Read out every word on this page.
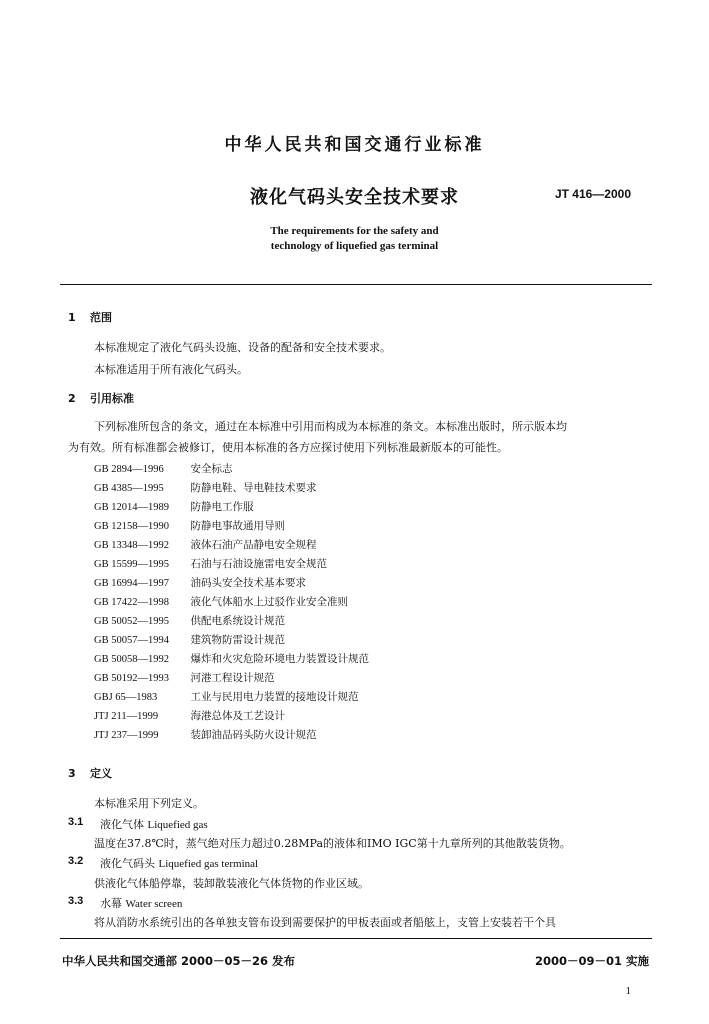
中华人民共和国交通行业标准
液化气码头安全技术要求	JT 416—2000
The requirements for the safety and
technology of liquefied gas terminal
1 范围
本标准规定了液化气码头设施、设备的配备和安全技术要求。
本标准适用于所有液化气码头。
2 引用标准
下列标准所包含的条文，通过在本标准中引用而构成为本标准的条文。本标准出版时，所示版本均
为有效。所有标准都会被修订，使用本标准的各方应探讨使用下列标准最新版本的可能性。
GB 2894—1996　	安全标志
GB 4385—1995　	防静电鞋、导电鞋技术要求
GB 12014—1989　 防静电工作服
GB 12158—1990　 防静电事故通用导则
GB 13348—1992　 液体石油产品静电安全规程
GB 15599—1995　 石油与石油设施雷电安全规范
GB 16994—1997　 油码头安全技术基本要求
GB 17422—1998　 液化气体船水上过驳作业安全准则
GB 50052—1995　 供配电系统设计规范
GB 50057—1994　 建筑物防雷设计规范
GB 50058—1992　 爆炸和火灾危险环境电力装置设计规范
GB 50192—1993　 河港工程设计规范
GBJ 65—1983　	工业与民用电力装置的接地设计规范
JTJ 211—1999　	海港总体及工艺设计
JTJ 237—1999　	装卸油品码头防火设计规范
3 定义
本标准采用下列定义。
3.1 液化气体 Liquefied gas
温度在37.8℃时，蒸气绝对压力超过0.28MPa的液体和IMO IGC第十九章所列的其他散装货物。
3.2 液化气码头 Liquefied gas terminal
供液化气体船停靠，装卸散装液化气体货物的作业区域。
3.3 水幕 Water screen
将从消防水系统引出的各单独支管布设到需要保护的甲板表面或者船舷上，支管上安装若干个具
中华人民共和国交通部 2000－05－26 发布	2000－09－01 实施
1
